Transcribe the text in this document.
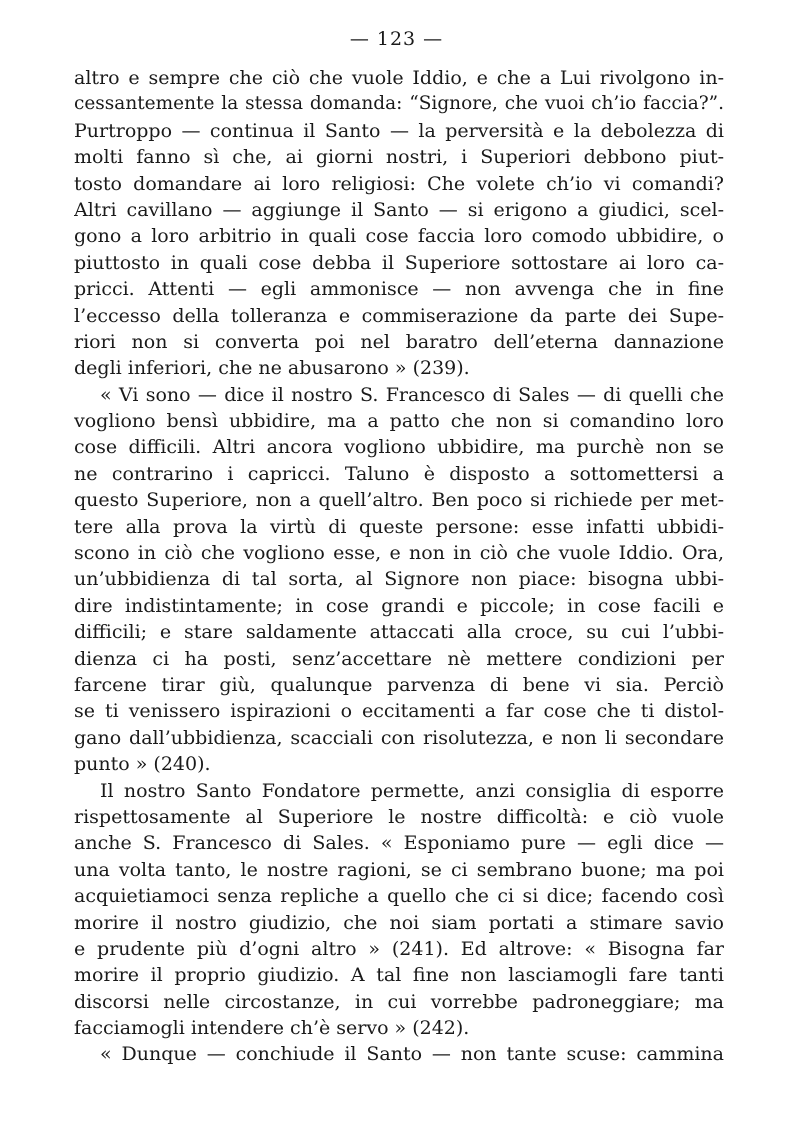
— 123 —
altro e sempre che ciò che vuole Iddio, e che a Lui rivolgono in-
cessantemente la stessa domanda: “Signore, che vuoi ch’io faccia?”.
Purtroppo — continua il Santo — la perversità e la debolezza di
molti fanno sì che, ai giorni nostri, i Superiori debbono piut-
tosto domandare ai loro religiosi: Che volete ch’io vi comandi?
Altri cavillano — aggiunge il Santo — si erigono a giudici, scel-
gono a loro arbitrio in quali cose faccia loro comodo ubbidire, o
piuttosto in quali cose debba il Superiore sottostare ai loro ca-
pricci. Attenti — egli ammonisce — non avvenga che in fine
l’eccesso della tolleranza e commiserazione da parte dei Supe-
riori non si converta poi nel baratro dell’eterna dannazione
degli inferiori, che ne abusarono » (239).
« Vi sono — dice il nostro S. Francesco di Sales — di quelli che
vogliono bensì ubbidire, ma a patto che non si comandino loro
cose difficili. Altri ancora vogliono ubbidire, ma purchè non se
ne contrarino i capricci. Taluno è disposto a sottomettersi a
questo Superiore, non a quell’altro. Ben poco si richiede per met-
tere alla prova la virtù di queste persone: esse infatti ubbidi-
scono in ciò che vogliono esse, e non in ciò che vuole Iddio. Ora,
un’ubbidienza di tal sorta, al Signore non piace: bisogna ubbi-
dire indistintamente; in cose grandi e piccole; in cose facili e
difficili; e stare saldamente attaccati alla croce, su cui l’ubbi-
dienza ci ha posti, senz’accettare nè mettere condizioni per
farcene tirar giù, qualunque parvenza di bene vi sia. Perciò
se ti venissero ispirazioni o eccitamenti a far cose che ti distol-
gano dall’ubbidienza, scacciali con risolutezza, e non li secondare
punto » (240).
Il nostro Santo Fondatore permette, anzi consiglia di esporre
rispettosamente al Superiore le nostre difficoltà: e ciò vuole
anche S. Francesco di Sales. « Esponiamo pure — egli dice —
una volta tanto, le nostre ragioni, se ci sembrano buone; ma poi
acquietiamoci senza repliche a quello che ci si dice; facendo così
morire il nostro giudizio, che noi siam portati a stimare savio
e prudente più d’ogni altro » (241). Ed altrove: « Bisogna far
morire il proprio giudizio. A tal fine non lasciamogli fare tanti
discorsi nelle circostanze, in cui vorrebbe padroneggiare; ma
facciamogli intendere ch’è servo » (242).
« Dunque — conchiude il Santo — non tante scuse: cammina
